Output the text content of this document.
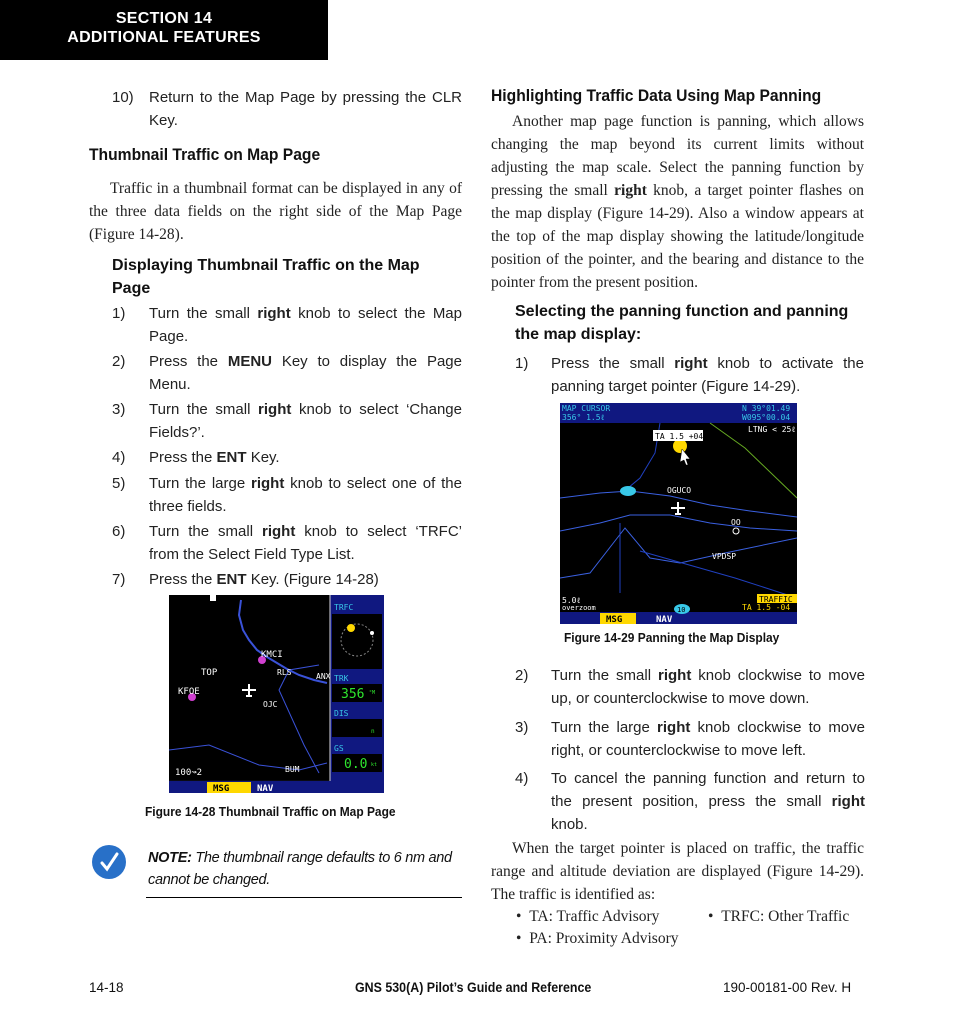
SECTION 14
ADDITIONAL FEATURES
10) Return to the Map Page by pressing the CLR Key.
Thumbnail Traffic on Map Page
Traffic in a thumbnail format can be displayed in any of the three data fields on the right side of the Map Page (Figure 14-28).
Displaying Thumbnail Traffic on the Map Page
1) Turn the small right knob to select the Map Page.
2) Press the MENU Key to display the Page Menu.
3) Turn the small right knob to select ‘Change Fields?’.
4) Press the ENT Key.
5) Turn the large right knob to select one of the three fields.
6) Turn the small right knob to select ‘TRFC’ from the Select Field Type List.
7) Press the ENT Key. (Figure 14-28)
TOP
KFOE
KMCI
RLS	ANX
OJC
BUM
100↝2
TRFC
TRK
356 °M
DIS
n
GS
0.0 kt
MSG	NAV
Figure 14-28 Thumbnail Traffic on Map Page
NOTE: The thumbnail range defaults to 6 nm and cannot be changed.
Highlighting Traffic Data Using Map Panning
Another map page function is panning, which allows changing the map beyond its current limits without adjusting the map scale. Select the panning function by pressing the small right knob, a target pointer flashes on the map display (Figure 14-29). Also a window appears at the top of the map display showing the latitude/longitude position of the pointer, and the bearing and distance to the pointer from the present position.
Selecting the panning function and panning the map display:
1) Press the small right knob to activate the panning target pointer (Figure 14-29).
MAP CURSOR
356° 1.5ℓ
N 39°01.49
W095°00.04
LTNG < 25ℓ
TA 1.5 +04
OGUCO
OO
VPDSP
5.0ℓ
overzoom
TRAFFIC
TA 1.5 -04
MSG	NAV
10
Figure 14-29 Panning the Map Display
2) Turn the small right knob clockwise to move up, or counterclockwise to move down.
3) Turn the large right knob clockwise to move right, or counterclockwise to move left.
4) To cancel the panning function and return to the present position, press the small right knob.
When the target pointer is placed on traffic, the traffic range and altitude deviation are displayed (Figure 14-29). The traffic is identified as:
•  TA: Traffic Advisory	•  TRFC: Other Traffic
•  PA: Proximity Advisory
14-18	GNS 530(A) Pilot’s Guide and Reference	190-00181-00 Rev. H
